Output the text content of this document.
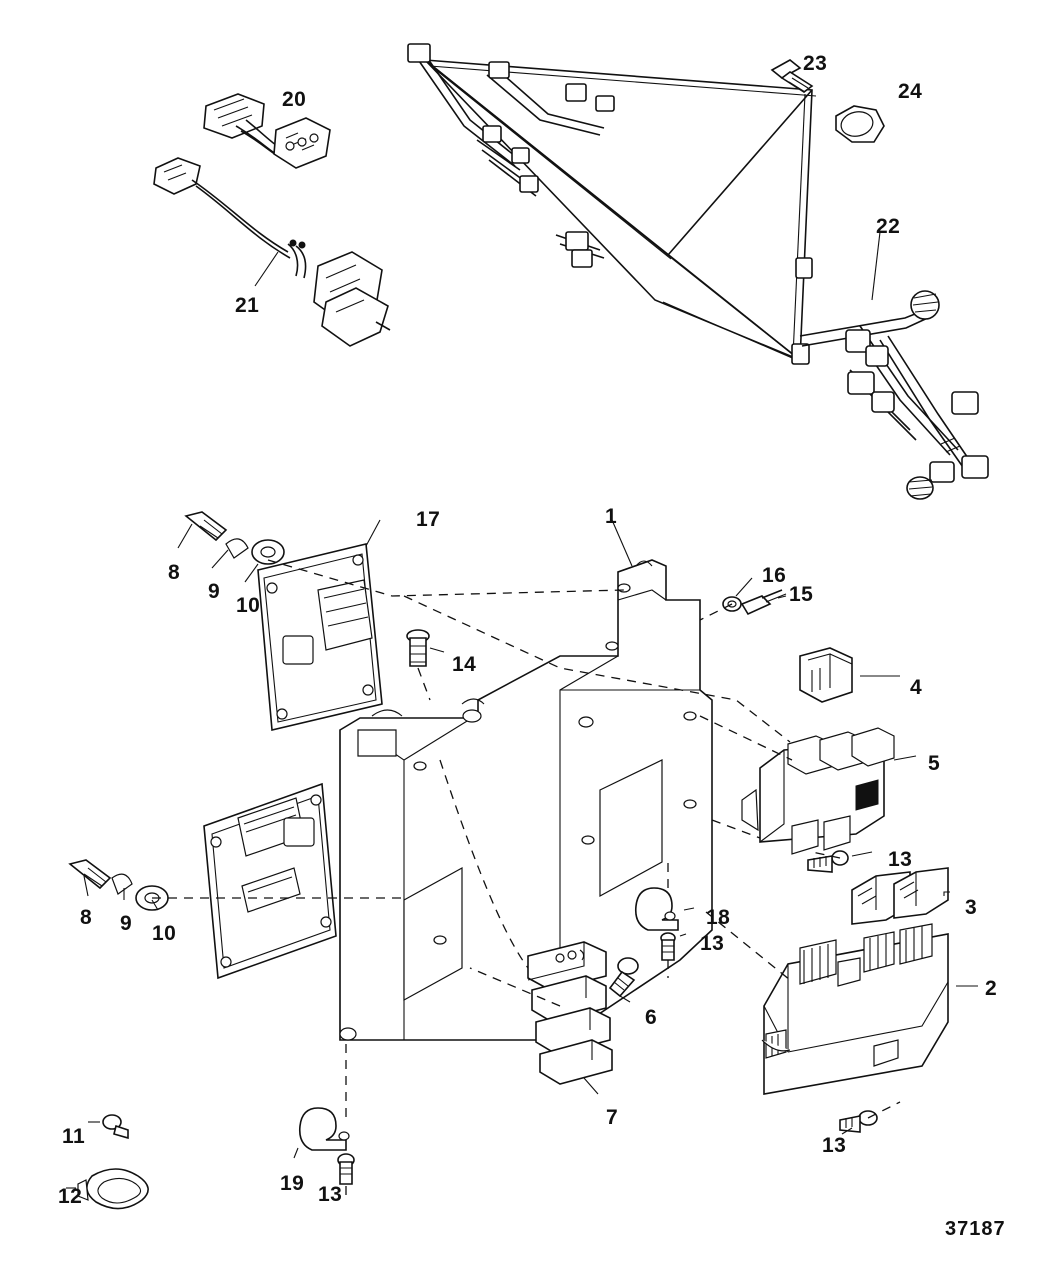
1
2
3
4
5
6
7
8
9
10
8 9 10
11
12
13
13
13
13
14
15
16
17
18
19
20
21
22
23
24
37187
